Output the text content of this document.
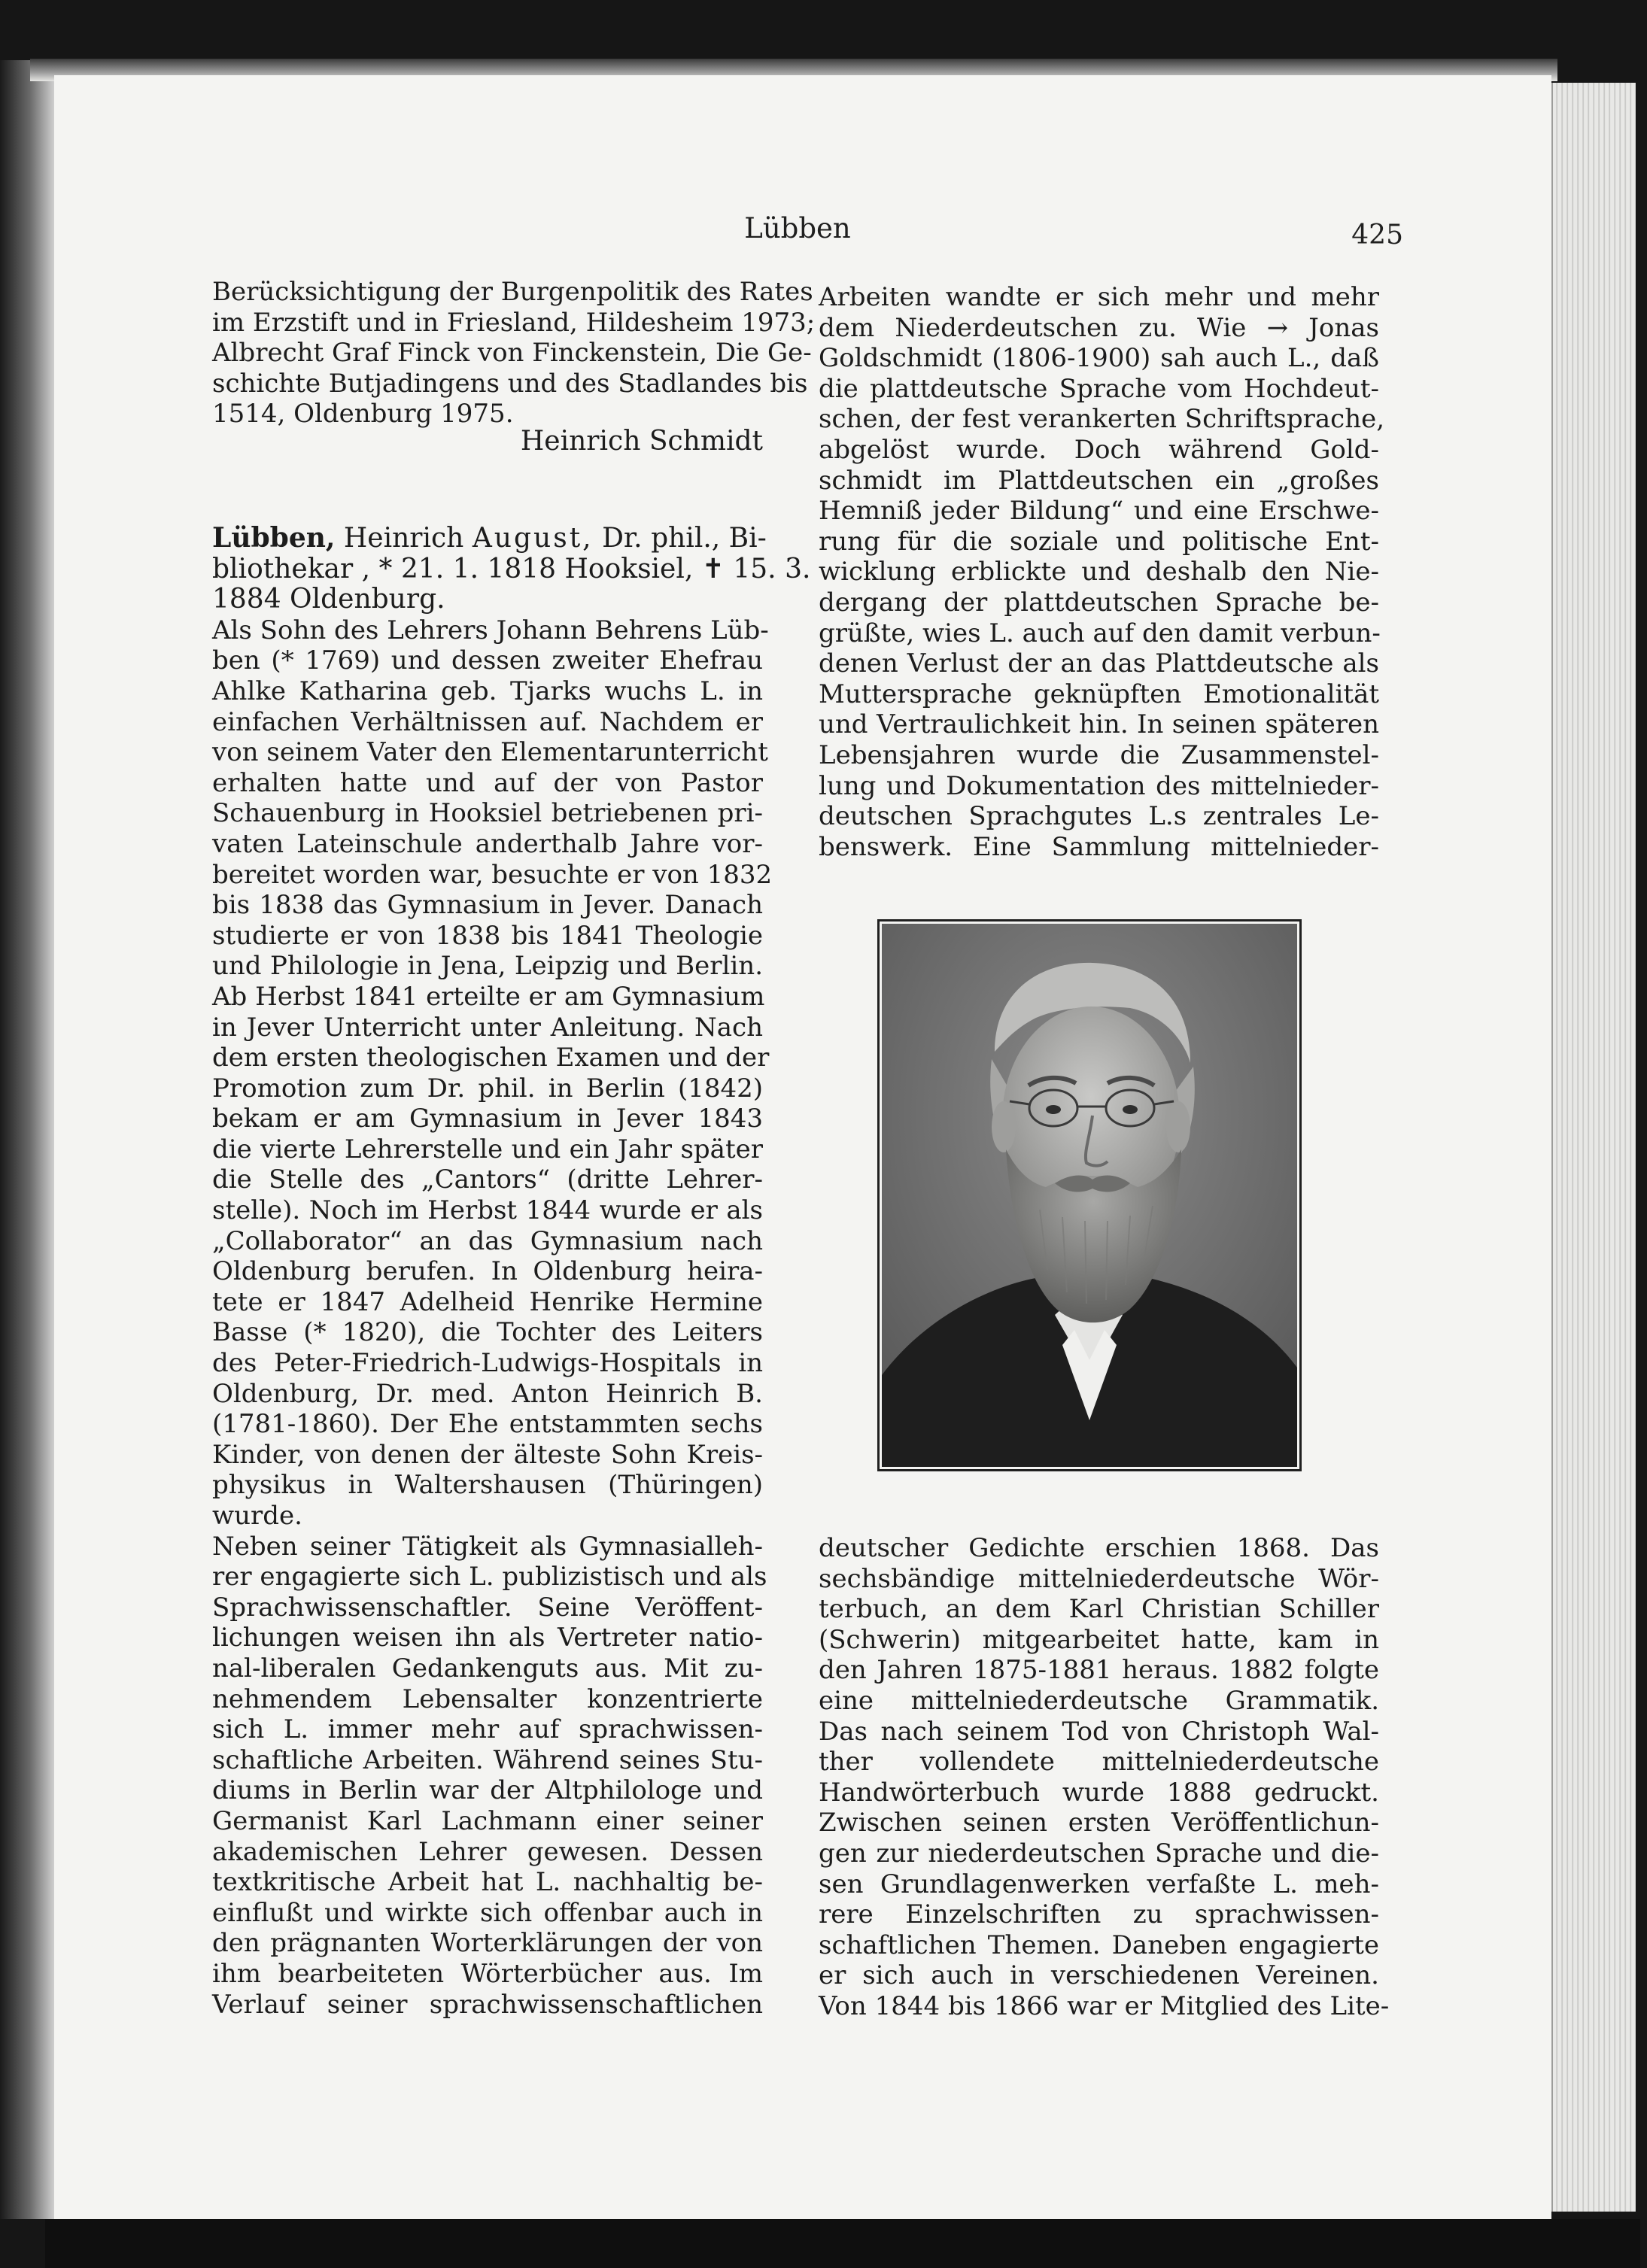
Lübben	425
Berücksichtigung der Burgenpolitik des Rates
im Erzstift und in Friesland, Hildesheim 1973;
Albrecht Graf Finck von Finckenstein, Die Ge-
schichte Butjadingens und des Stadlandes bis
1514, Oldenburg 1975.
Heinrich Schmidt
Lübben, Heinrich August, Dr. phil., Bi-
bliothekar , * 21. 1. 1818 Hooksiel, ✝ 15. 3.
1884 Oldenburg.

Als Sohn des Lehrers Johann Behrens Lüb-
ben (* 1769) und dessen zweiter Ehefrau
Ahlke Katharina geb. Tjarks wuchs L. in
einfachen Verhältnissen auf. Nachdem er
von seinem Vater den Elementarunterricht
erhalten hatte und auf der von Pastor
Schauenburg in Hooksiel betriebenen pri-
vaten Lateinschule anderthalb Jahre vor-
bereitet worden war, besuchte er von 1832
bis 1838 das Gymnasium in Jever. Danach
studierte er von 1838 bis 1841 Theologie
und Philologie in Jena, Leipzig und Berlin.
Ab Herbst 1841 erteilte er am Gymnasium
in Jever Unterricht unter Anleitung. Nach
dem ersten theologischen Examen und der
Promotion zum Dr. phil. in Berlin (1842)
bekam er am Gymnasium in Jever 1843
die vierte Lehrerstelle und ein Jahr später
die Stelle des „Cantors“ (dritte Lehrer-
stelle). Noch im Herbst 1844 wurde er als
„Collaborator“ an das Gymnasium nach
Oldenburg berufen. In Oldenburg heira-
tete er 1847 Adelheid Henrike Hermine
Basse (* 1820), die Tochter des Leiters
des Peter-Friedrich-Ludwigs-Hospitals in
Oldenburg, Dr. med. Anton Heinrich B.
(1781-1860). Der Ehe entstammten sechs
Kinder, von denen der älteste Sohn Kreis-
physikus in Waltershausen (Thüringen)
wurde.

Neben seiner Tätigkeit als Gymnasialleh-
rer engagierte sich L. publizistisch und als
Sprachwissenschaftler. Seine Veröffent-
lichungen weisen ihn als Vertreter natio-
nal-liberalen Gedankenguts aus. Mit zu-
nehmendem Lebensalter konzentrierte
sich L. immer mehr auf sprachwissen-
schaftliche Arbeiten. Während seines Stu-
diums in Berlin war der Altphilologe und
Germanist Karl Lachmann einer seiner
akademischen Lehrer gewesen. Dessen
textkritische Arbeit hat L. nachhaltig be-
einflußt und wirkte sich offenbar auch in
den prägnanten Worterklärungen der von
ihm bearbeiteten Wörterbücher aus. Im
Verlauf seiner sprachwissenschaftlichen

Arbeiten wandte er sich mehr und mehr
dem Niederdeutschen zu. Wie → Jonas
Goldschmidt (1806-1900) sah auch L., daß
die plattdeutsche Sprache vom Hochdeut-
schen, der fest verankerten Schriftsprache,
abgelöst wurde. Doch während Gold-
schmidt im Plattdeutschen ein „großes
Hemniß jeder Bildung“ und eine Erschwe-
rung für die soziale und politische Ent-
wicklung erblickte und deshalb den Nie-
dergang der plattdeutschen Sprache be-
grüßte, wies L. auch auf den damit verbun-
denen Verlust der an das Plattdeutsche als
Muttersprache geknüpften Emotionalität
und Vertraulichkeit hin. In seinen späteren
Lebensjahren wurde die Zusammenstel-
lung und Dokumentation des mittelnieder-
deutschen Sprachgutes L.s zentrales Le-
benswerk. Eine Sammlung mittelnieder-
deutscher Gedichte erschien 1868. Das
sechsbändige mittelniederdeutsche Wör-
terbuch, an dem Karl Christian Schiller
(Schwerin) mitgearbeitet hatte, kam in
den Jahren 1875-1881 heraus. 1882 folgte
eine mittelniederdeutsche Grammatik.
Das nach seinem Tod von Christoph Wal-
ther vollendete mittelniederdeutsche
Handwörterbuch wurde 1888 gedruckt.
Zwischen seinen ersten Veröffentlichun-
gen zur niederdeutschen Sprache und die-
sen Grundlagenwerken verfaßte L. meh-
rere Einzelschriften zu sprachwissen-
schaftlichen Themen. Daneben engagierte
er sich auch in verschiedenen Vereinen.
Von 1844 bis 1866 war er Mitglied des Lite-
